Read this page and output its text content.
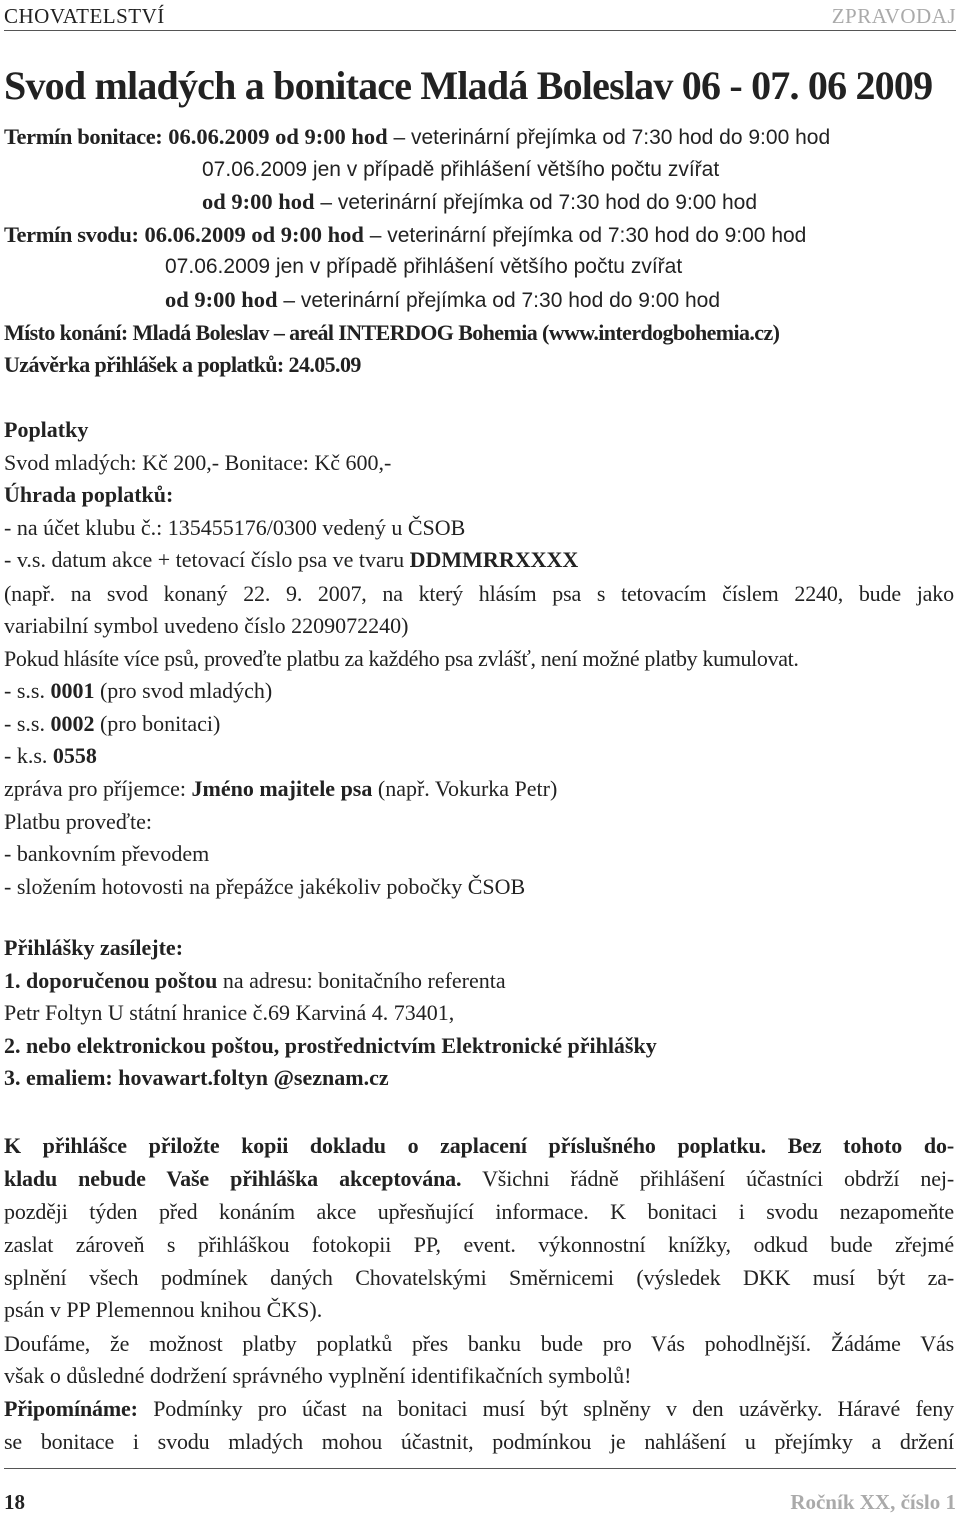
CHOVATELSTVÍ	ZPRAVODAJ
Svod mladých a bonitace Mladá Boleslav 06 - 07. 06 2009
Termín bonitace: 06.06.2009 od 9:00 hod – veterinární přejímka od 7:30 hod do 9:00 hod
07.06.2009 jen v případě přihlášení většího počtu zvířat
od 9:00 hod – veterinární přejímka od 7:30 hod do 9:00 hod
Termín svodu: 06.06.2009 od 9:00 hod – veterinární přejímka od 7:30 hod do 9:00 hod
07.06.2009 jen v případě přihlášení většího počtu zvířat
od 9:00 hod – veterinární přejímka od 7:30 hod do 9:00 hod
Místo konání: Mladá Boleslav – areál INTERDOG Bohemia (www.interdogbohemia.cz)
Uzávěrka přihlášek a poplatků: 24.05.09
Poplatky
Svod mladých: Kč 200,- Bonitace: Kč 600,-
Úhrada poplatků:
- na účet klubu č.: 135455176/0300 vedený u ČSOB
- v.s. datum akce + tetovací číslo psa ve tvaru DDMMRRXXXX
(např. na svod konaný 22. 9. 2007, na který hlásím psa s tetovacím číslem 2240, bude jako
variabilní symbol uvedeno číslo 2209072240)
Pokud hlásíte více psů, proveďte platbu za každého psa zvlášť, není možné platby kumulovat.
- s.s. 0001 (pro svod mladých)
- s.s. 0002 (pro bonitaci)
- k.s. 0558
zpráva pro příjemce: Jméno majitele psa (např. Vokurka Petr)
Platbu proveďte:
- bankovním převodem
- složením hotovosti na přepážce jakékoliv pobočky ČSOB
Přihlášky zasílejte:
1. doporučenou poštou na adresu: bonitačního referenta
Petr Foltyn U státní hranice č.69 Karviná 4. 73401,
2. nebo elektronickou poštou, prostřednictvím Elektronické přihlášky
3. emaliem: hovawart.foltyn @seznam.cz
K přihlášce přiložte kopii dokladu o zaplacení příslušného poplatku. Bez tohoto do-
kladu nebude Vaše přihláška akceptována. Všichni řádně přihlášení účastníci obdrží nej-
později týden před konáním akce upřesňující informace. K bonitaci i svodu nezapomeňte
zaslat zároveň s přihláškou fotokopii PP, event. výkonnostní knížky, odkud bude zřejmé
splnění všech podmínek daných Chovatelskými Směrnicemi (výsledek DKK musí být za-
psán v PP Plemennou knihou ČKS).
Doufáme, že možnost platby poplatků přes banku bude pro Vás pohodlnější. Žádáme Vás
však o důsledné dodržení správného vyplnění identifikačních symbolů!
Připomínáme: Podmínky pro účast na bonitaci musí být splněny v den uzávěrky. Háravé feny
se bonitace i svodu mladých mohou účastnit, podmínkou je nahlášení u přejímky a držení
18	Ročník XX, číslo 1
